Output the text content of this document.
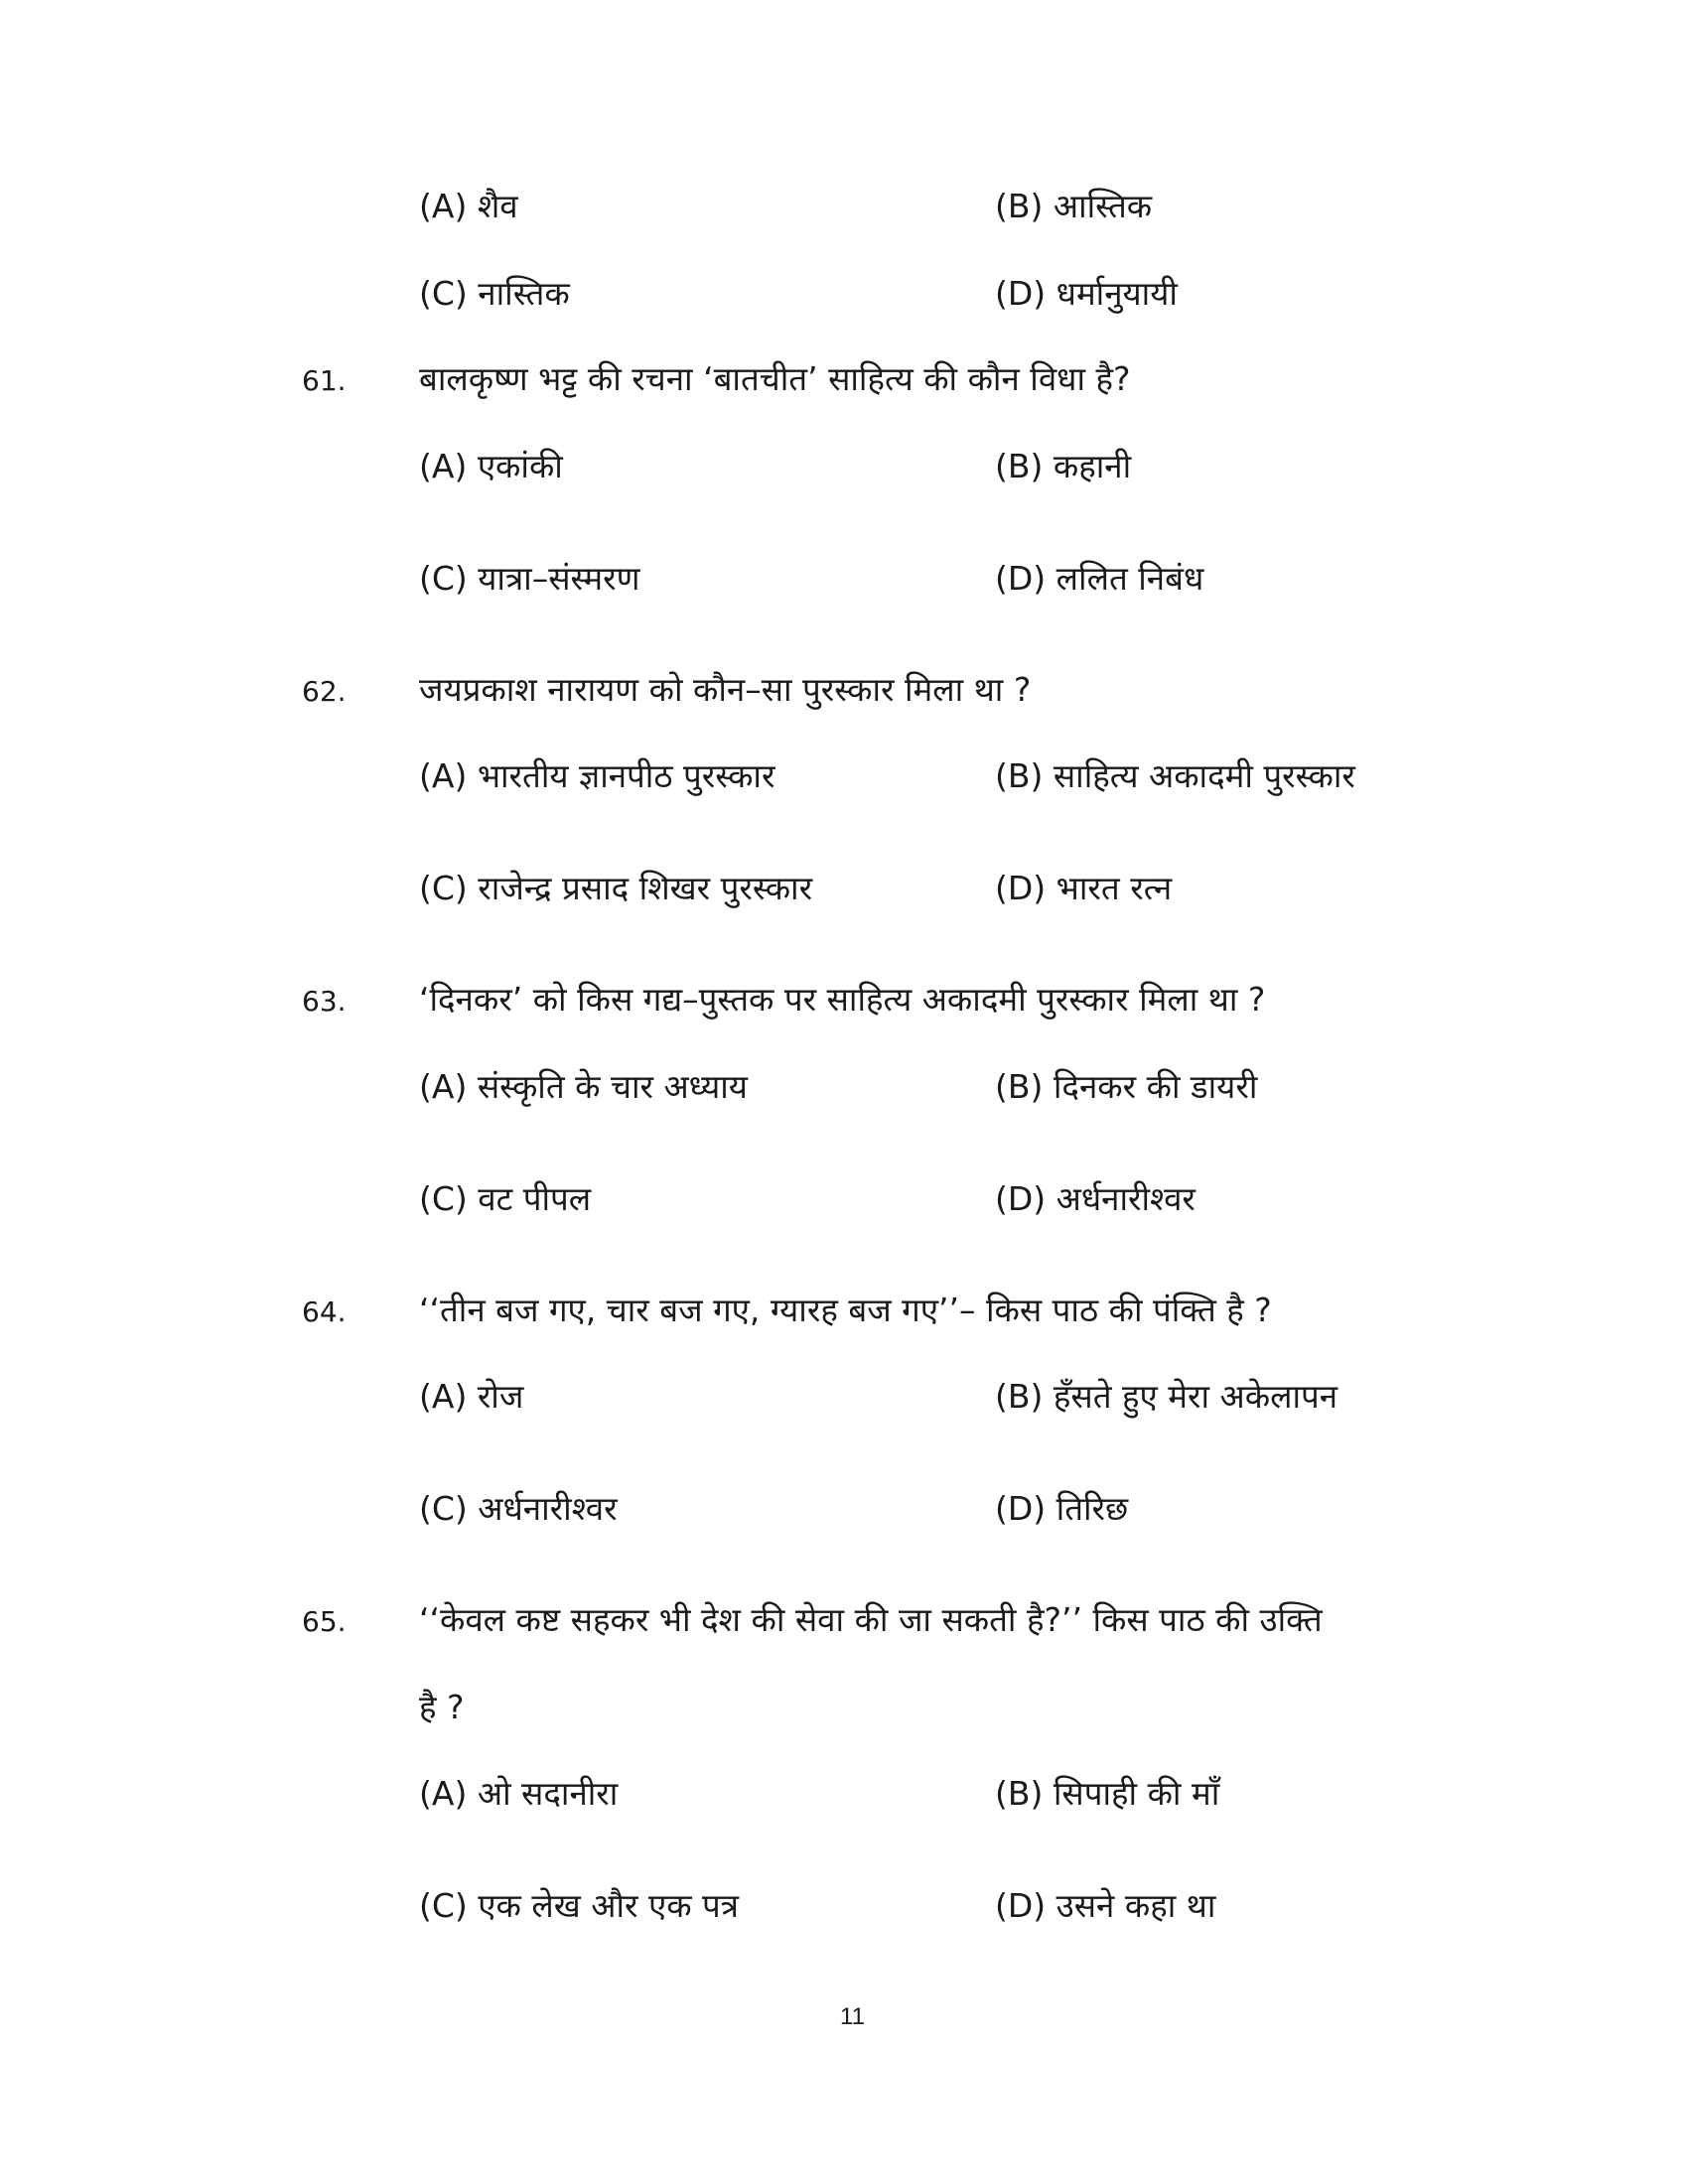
(A) शैव	(B) आस्तिक
(C) नास्तिक	(D) धर्मानुयायी
61. बालकृष्ण भट्ट की रचना ‘बातचीत’ साहित्य की कौन विधा है?
(A) एकांकी	(B) कहानी
(C) यात्रा–संस्मरण	(D) ललित निबंध
62. जयप्रकाश नारायण को कौन–सा पुरस्कार मिला था ?
(A) भारतीय ज्ञानपीठ पुरस्कार	(B) साहित्य अकादमी पुरस्कार
(C) राजेन्द्र प्रसाद शिखर पुरस्कार	(D) भारत रत्न
63. ‘दिनकर’ को किस गद्य–पुस्तक पर साहित्य अकादमी पुरस्कार मिला था ?
(A) संस्कृति के चार अध्याय	(B) दिनकर की डायरी
(C) वट पीपल	(D) अर्धनारीश्वर
64. ‘‘तीन बज गए, चार बज गए, ग्यारह बज गए’’– किस पाठ की पंक्ति है ?
(A) रोज	(B) हँसते हुए मेरा अकेलापन
(C) अर्धनारीश्वर	(D) तिरिछ
65. ‘‘केवल कष्ट सहकर भी देश की सेवा की जा सकती है?’’ किस पाठ की उक्ति
है ?
(A) ओ सदानीरा	(B) सिपाही की माँ
(C) एक लेख और एक पत्र	(D) उसने कहा था
11
